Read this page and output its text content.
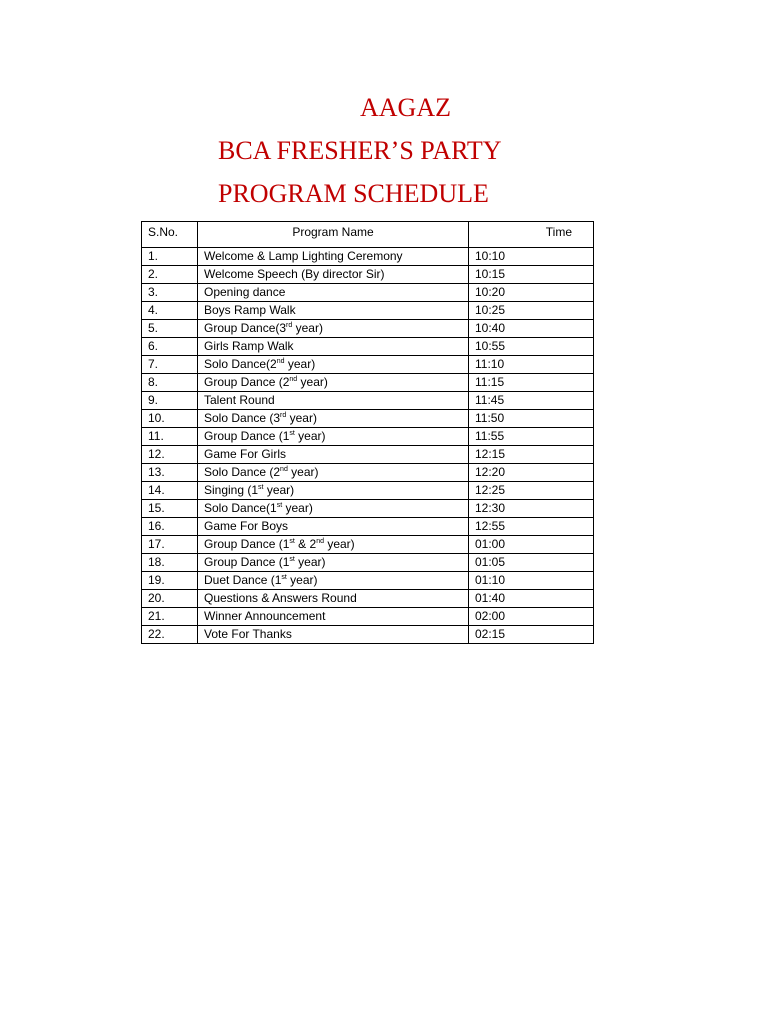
AAGAZ
BCA FRESHER’S PARTY
PROGRAM SCHEDULE
S.No.	Program Name	Time
1.	Welcome & Lamp Lighting Ceremony	10:10
2.	Welcome Speech (By director Sir)	10:15
3.	Opening dance	10:20
4.	Boys Ramp Walk	10:25
5.	Group Dance(3rd year)	10:40
6.	Girls Ramp Walk	10:55
7.	Solo Dance(2nd year)	11:10
8.	Group Dance (2nd year)	11:15
9.	Talent Round	11:45
10.	Solo Dance (3rd year)	11:50
11.	Group Dance (1st year)	11:55
12.	Game For Girls	12:15
13.	Solo Dance (2nd year)	12:20
14.	Singing (1st year)	12:25
15.	Solo Dance(1st year)	12:30
16.	Game For Boys	12:55
17.	Group Dance (1st & 2nd year)	01:00
18.	Group Dance (1st year)	01:05
19.	Duet Dance (1st year)	01:10
20.	Questions & Answers Round	01:40
21.	Winner Announcement	02:00
22.	Vote For Thanks	02:15
